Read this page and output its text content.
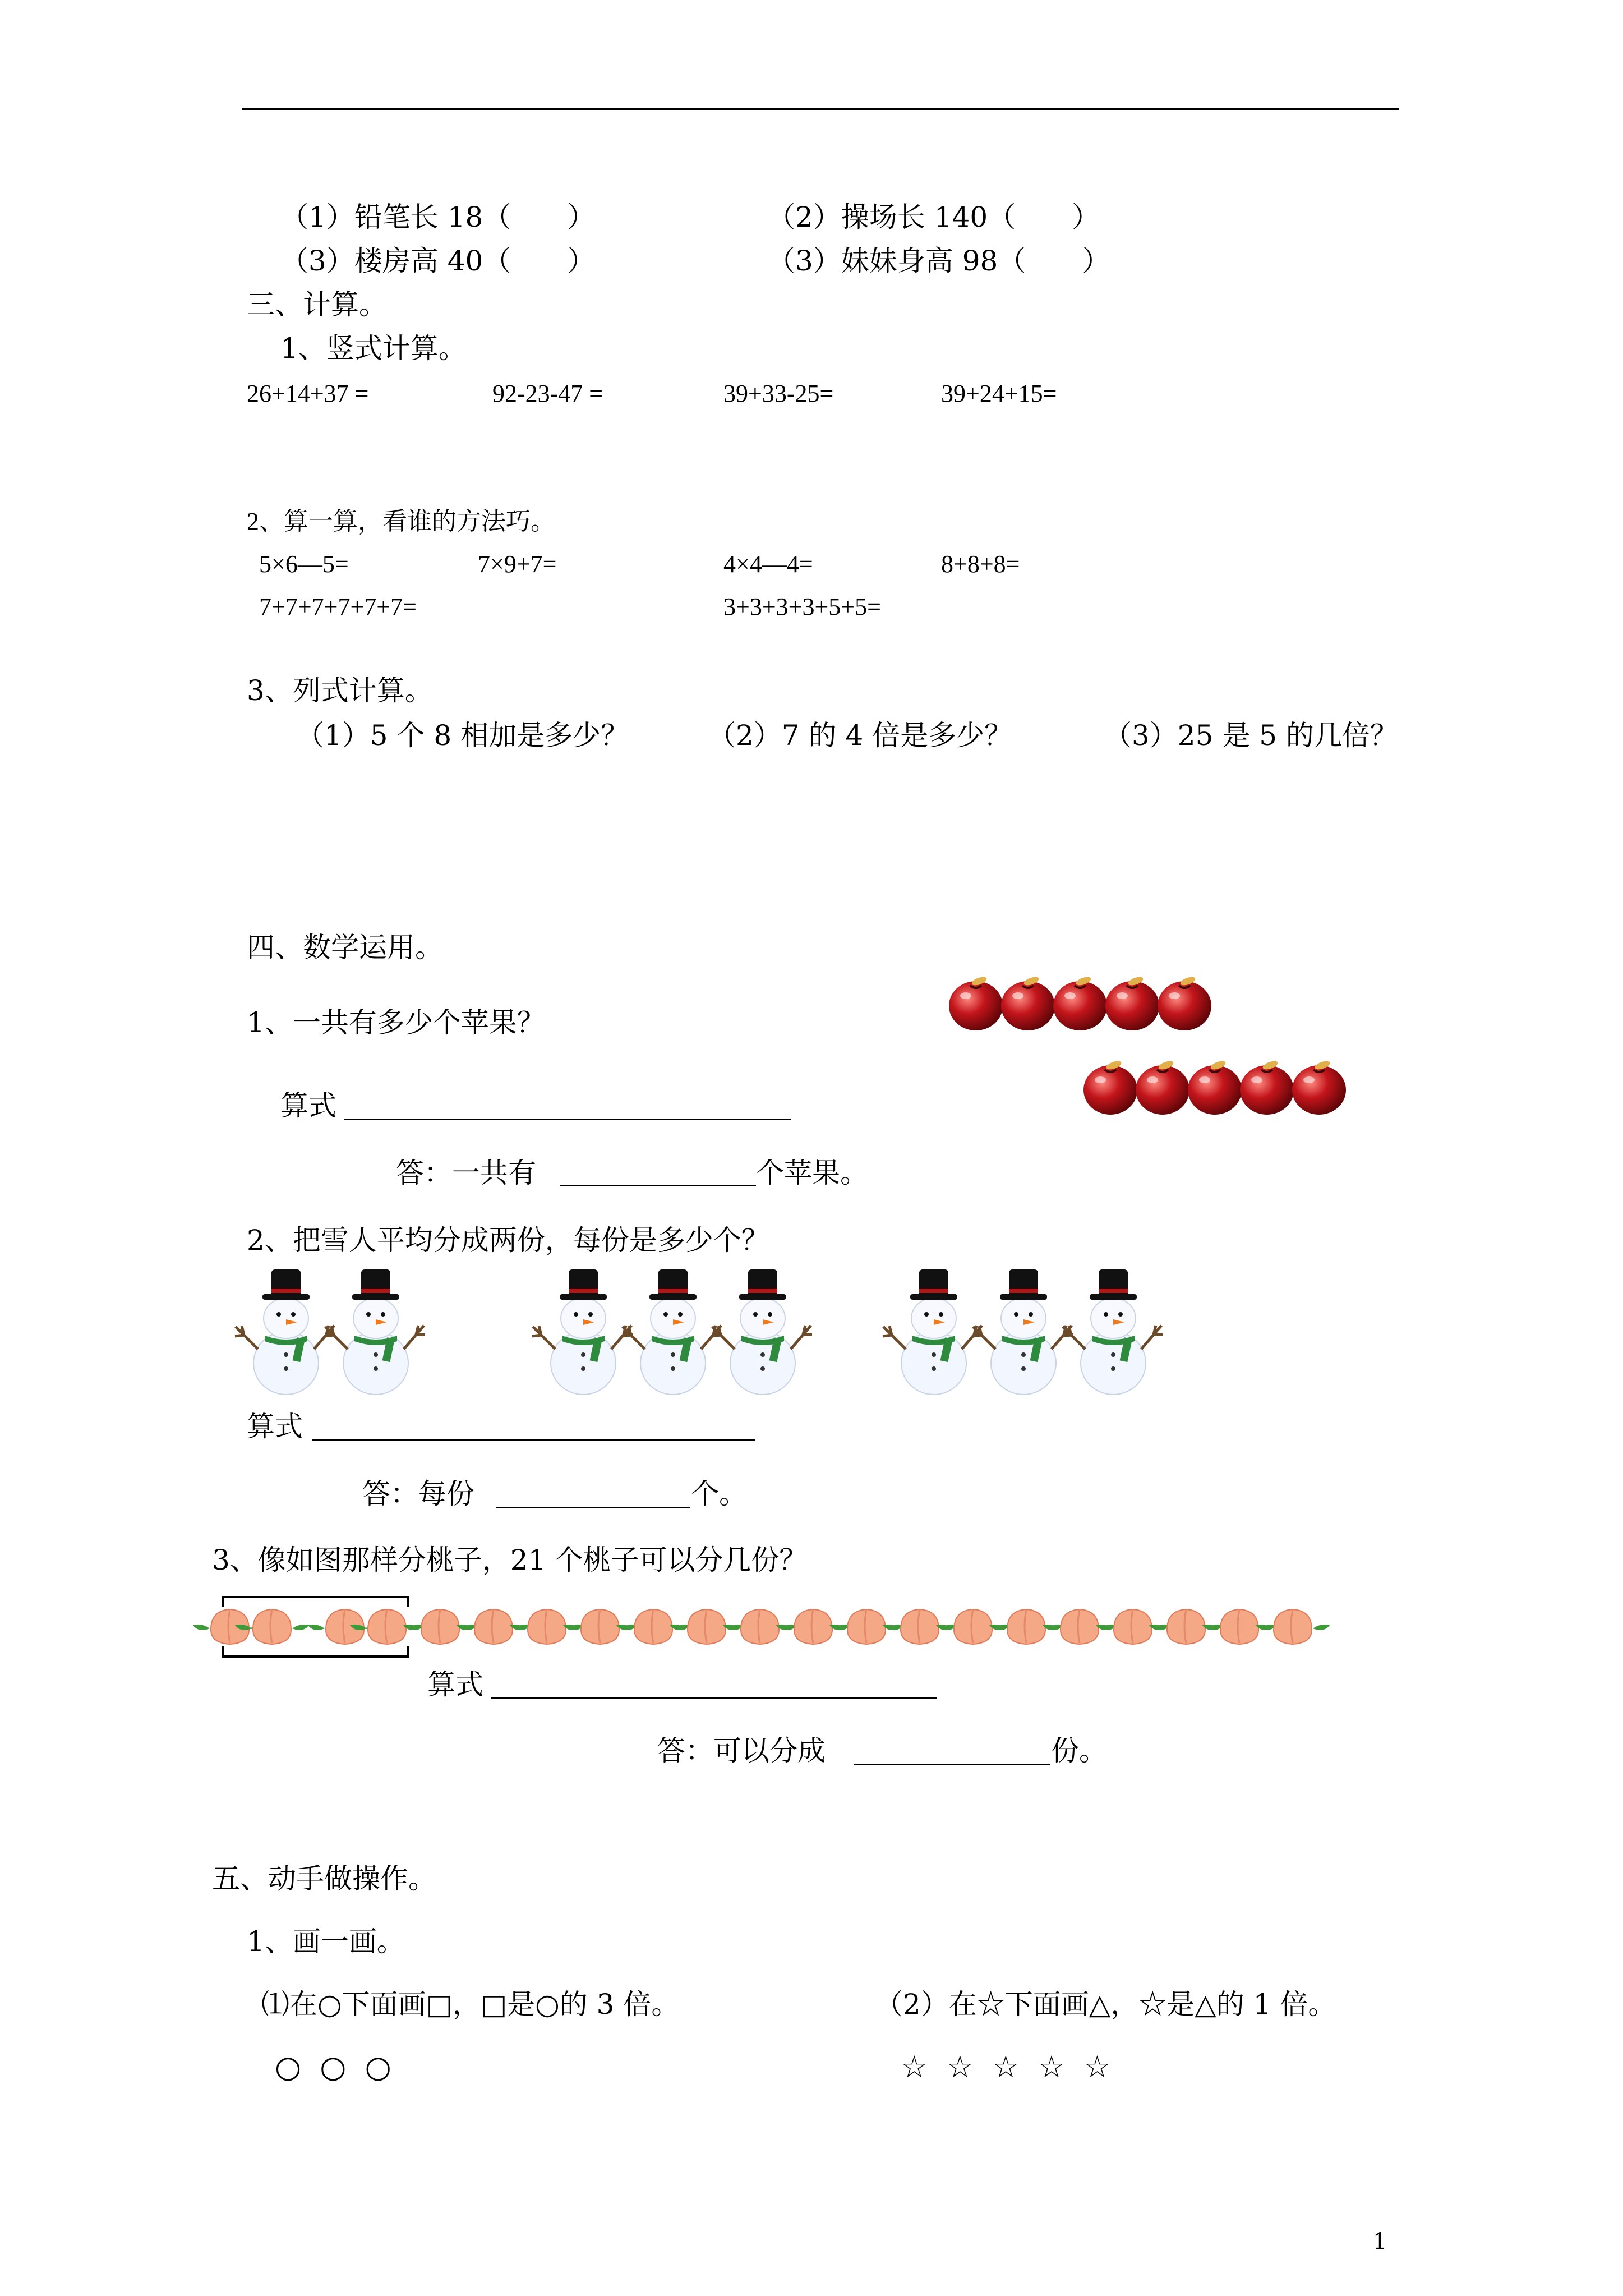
（1）铅笔长 18（　　）	（2）操场长 140（　　）
（3）楼房高 40（　　）	（3）妹妹身高 98（　　）
三、计算。
1、竖式计算。
26+14+37 =	92-23-47 =	39+33-25=	39+24+15=
2、算一算，看谁的方法巧。
5×6—5=	7×9+7=	4×4—4=	8+8+8=
7+7+7+7+7+7=	3+3+3+3+5+5=
3、列式计算。
（1）5 个 8 相加是多少？	（2）7 的 4 倍是多少？	（3）25 是 5 的几倍？
四、数学运用。
1、一共有多少个苹果？
算式
答：一共有	个苹果。
2、把雪人平均分成两份，每份是多少个？
算式
答：每份	个。
3、像如图那样分桃子，21 个桃子可以分几份？
算式
答：可以分成	份。
五、动手做操作。
1、画一画。
⑴在○下面画□，□是○的 3 倍。	（2）在☆下面画△，☆是△的 1 倍。
○ ○ ○	☆ ☆ ☆ ☆ ☆
1
